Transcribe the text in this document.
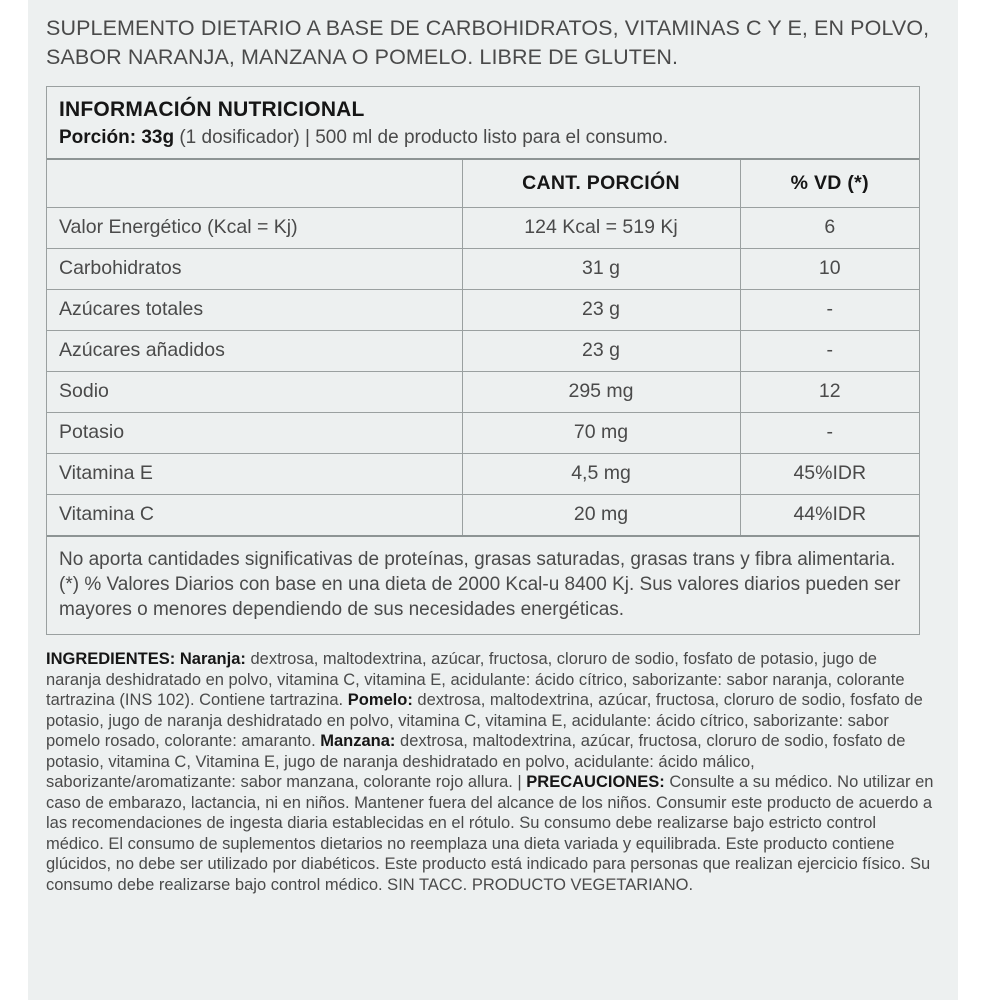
SUPLEMENTO DIETARIO A BASE DE CARBOHIDRATOS, VITAMINAS C Y E, EN POLVO, SABOR NARANJA, MANZANA O POMELO. LIBRE DE GLUTEN.
INFORMACIÓN NUTRICIONAL
Porción: 33g (1 dosificador) | 500 ml de producto listo para el consumo.
	CANT. PORCIÓN	% VD (*)
Valor Energético (Kcal = Kj)	124 Kcal = 519 Kj	6
Carbohidratos	31 g	10
Azúcares totales	23 g	-
Azúcares añadidos	23 g	-
Sodio	295 mg	12
Potasio	70 mg	-
Vitamina E	4,5 mg	45%IDR
Vitamina C	20 mg	44%IDR
No aporta cantidades significativas de proteínas, grasas saturadas, grasas trans y fibra alimentaria. (*) % Valores Diarios con base en una dieta de 2000 Kcal-u 8400 Kj. Sus valores diarios pueden ser mayores o menores dependiendo de sus necesidades energéticas.
INGREDIENTES: Naranja: dextrosa, maltodextrina, azúcar, fructosa, cloruro de sodio, fosfato de potasio, jugo de naranja deshidratado en polvo, vitamina C, vitamina E, acidulante: ácido cítrico, saborizante: sabor naranja, colorante tartrazina (INS 102). Contiene tartrazina. Pomelo: dextrosa, maltodextrina, azúcar, fructosa, cloruro de sodio, fosfato de potasio, jugo de naranja deshidratado en polvo, vitamina C, vitamina E, acidulante: ácido cítrico, saborizante: sabor pomelo rosado, colorante: amaranto. Manzana: dextrosa, maltodextrina, azúcar, fructosa, cloruro de sodio, fosfato de potasio, vitamina C, Vitamina E, jugo de naranja deshidratado en polvo, acidulante: ácido málico, saborizante/aromatizante: sabor manzana, colorante rojo allura. | PRECAUCIONES: Consulte a su médico. No utilizar en caso de embarazo, lactancia, ni en niños. Mantener fuera del alcance de los niños. Consumir este producto de acuerdo a las recomendaciones de ingesta diaria establecidas en el rótulo. Su consumo debe realizarse bajo estricto control médico. El consumo de suplementos dietarios no reemplaza una dieta variada y equilibrada. Este producto contiene glúcidos, no debe ser utilizado por diabéticos. Este producto está indicado para personas que realizan ejercicio físico. Su consumo debe realizarse bajo control médico. SIN TACC. PRODUCTO VEGETARIANO.
